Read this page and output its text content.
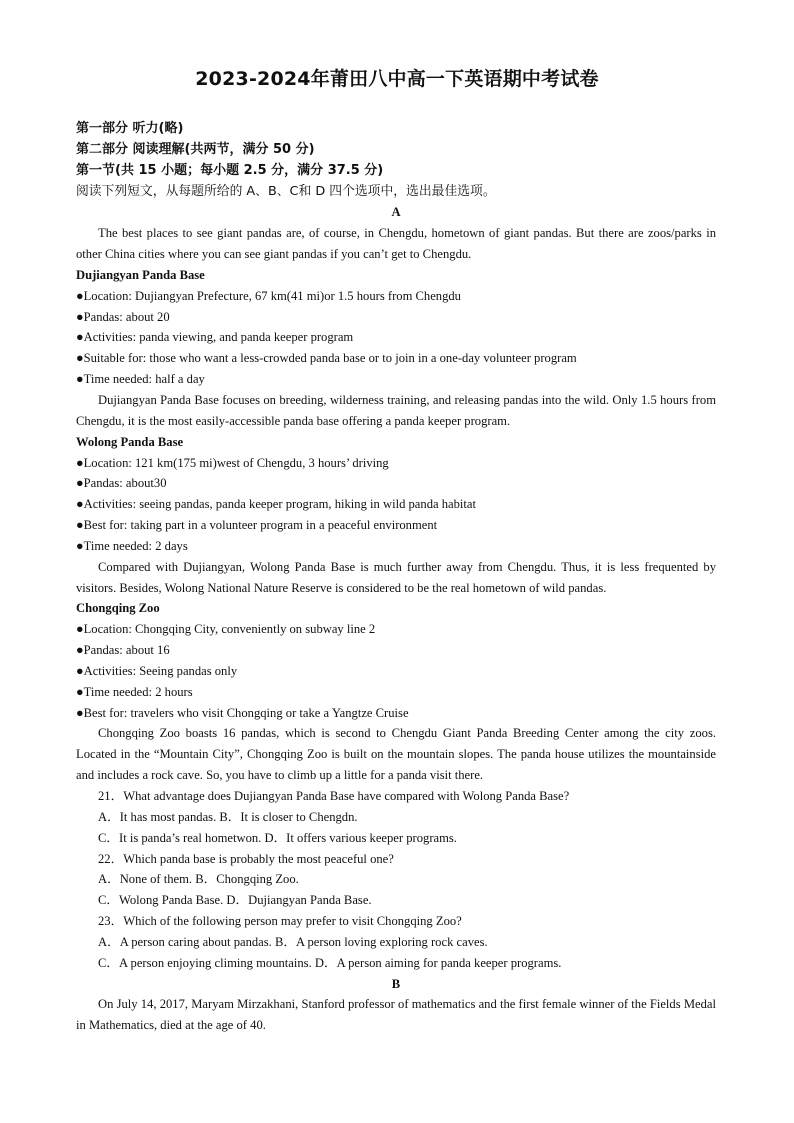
2023-2024年莆田八中高一下英语期中考试卷
第一部分 听力(略)
第二部分 阅读理解(共两节，满分 50 分)
第一节(共 15 小题；每小题 2.5 分，满分 37.5 分)
阅读下列短文，从每题所给的 A、B、C和 D 四个选项中，选出最佳选项。
A
The best places to see giant pandas are, of course, in Chengdu, hometown of giant pandas. But there are zoos/parks in other China cities where you can see giant pandas if you can’t get to Chengdu.
Dujiangyan Panda Base
●Location: Dujiangyan Prefecture, 67 km(41 mi)or 1.5 hours from Chengdu
●Pandas: about 20
●Activities: panda viewing, and panda keeper program
●Suitable for: those who want a less-crowded panda base or to join in a one-day volunteer program
●Time needed: half a day
Dujiangyan Panda Base focuses on breeding, wilderness training, and releasing pandas into the wild. Only 1.5 hours from Chengdu, it is the most easily-accessible panda base offering a panda keeper program.
Wolong Panda Base
●Location: 121 km(175 mi)west of Chengdu, 3 hours’ driving
●Pandas: about30
●Activities: seeing pandas, panda keeper program, hiking in wild panda habitat
●Best for: taking part in a volunteer program in a peaceful environment
●Time needed: 2 days
Compared with Dujiangyan, Wolong Panda Base is much further away from Chengdu. Thus, it is less frequented by visitors. Besides, Wolong National Nature Reserve is considered to be the real hometown of wild pandas.
Chongqing Zoo
●Location: Chongqing City, conveniently on subway line 2
●Pandas: about 16
●Activities: Seeing pandas only
●Time needed: 2 hours
●Best for: travelers who visit Chongqing or take a Yangtze Cruise
Chongqing Zoo boasts 16 pandas, which is second to Chengdu Giant Panda Breeding Center among the city zoos. Located in the “Mountain City”, Chongqing Zoo is built on the mountain slopes. The panda house utilizes the mountainside and includes a rock cave. So, you have to climb up a little for a panda visit there.
21．What advantage does Dujiangyan Panda Base have compared with Wolong Panda Base?
A．It has most pandas. B．It is closer to Chengdn.
C．It is panda’s real hometwon. D．It offers various keeper programs.
22．Which panda base is probably the most peaceful one?
A．None of them. B．Chongqing Zoo.
C．Wolong Panda Base. D．Dujiangyan Panda Base.
23．Which of the following person may prefer to visit Chongqing Zoo?
A．A person caring about pandas. B．A person loving exploring rock caves.
C．A person enjoying climing mountains. D．A person aiming for panda keeper programs.
B
On July 14, 2017, Maryam Mirzakhani, Stanford professor of mathematics and the first female winner of the Fields Medal in Mathematics, died at the age of 40.
